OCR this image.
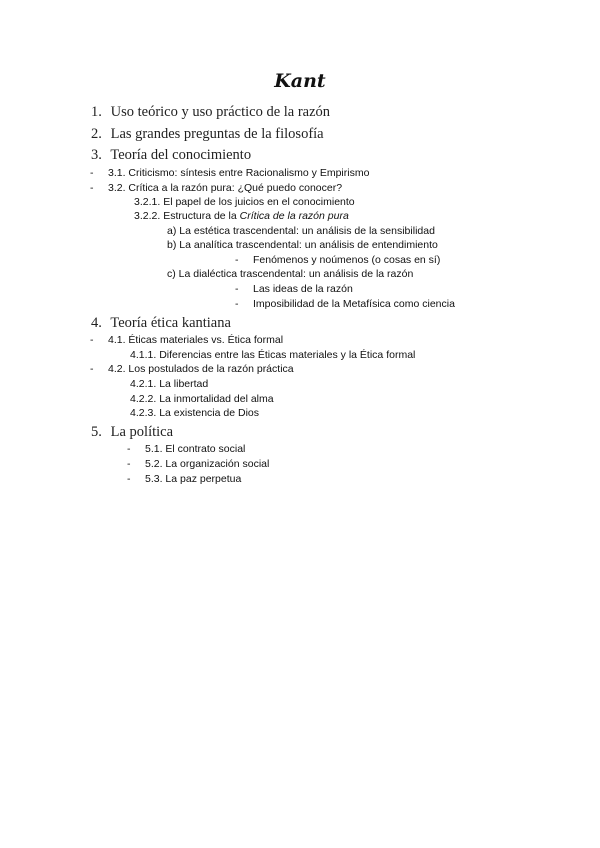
Kant
1. Uso teórico y uso práctico de la razón
2. Las grandes preguntas de la filosofía
3. Teoría del conocimiento
- 3.1. Criticismo: síntesis entre Racionalismo y Empirismo
- 3.2. Crítica a la razón pura: ¿Qué puedo conocer?
3.2.1. El papel de los juicios en el conocimiento
3.2.2. Estructura de la Crítica de la razón pura
a) La estética trascendental: un análisis de la sensibilidad
b) La analítica trascendental: un análisis de entendimiento
- Fenómenos y noúmenos (o cosas en sí)
c) La dialéctica trascendental: un análisis de la razón
- Las ideas de la razón
- Imposibilidad de la Metafísica como ciencia
4. Teoría ética kantiana
- 4.1. Éticas materiales vs. Ética formal
4.1.1. Diferencias entre las Éticas materiales y la Ética formal
- 4.2. Los postulados de la razón práctica
4.2.1. La libertad
4.2.2. La inmortalidad del alma
4.2.3. La existencia de Dios
5. La política
- 5.1. El contrato social
- 5.2. La organización social
- 5.3. La paz perpetua
